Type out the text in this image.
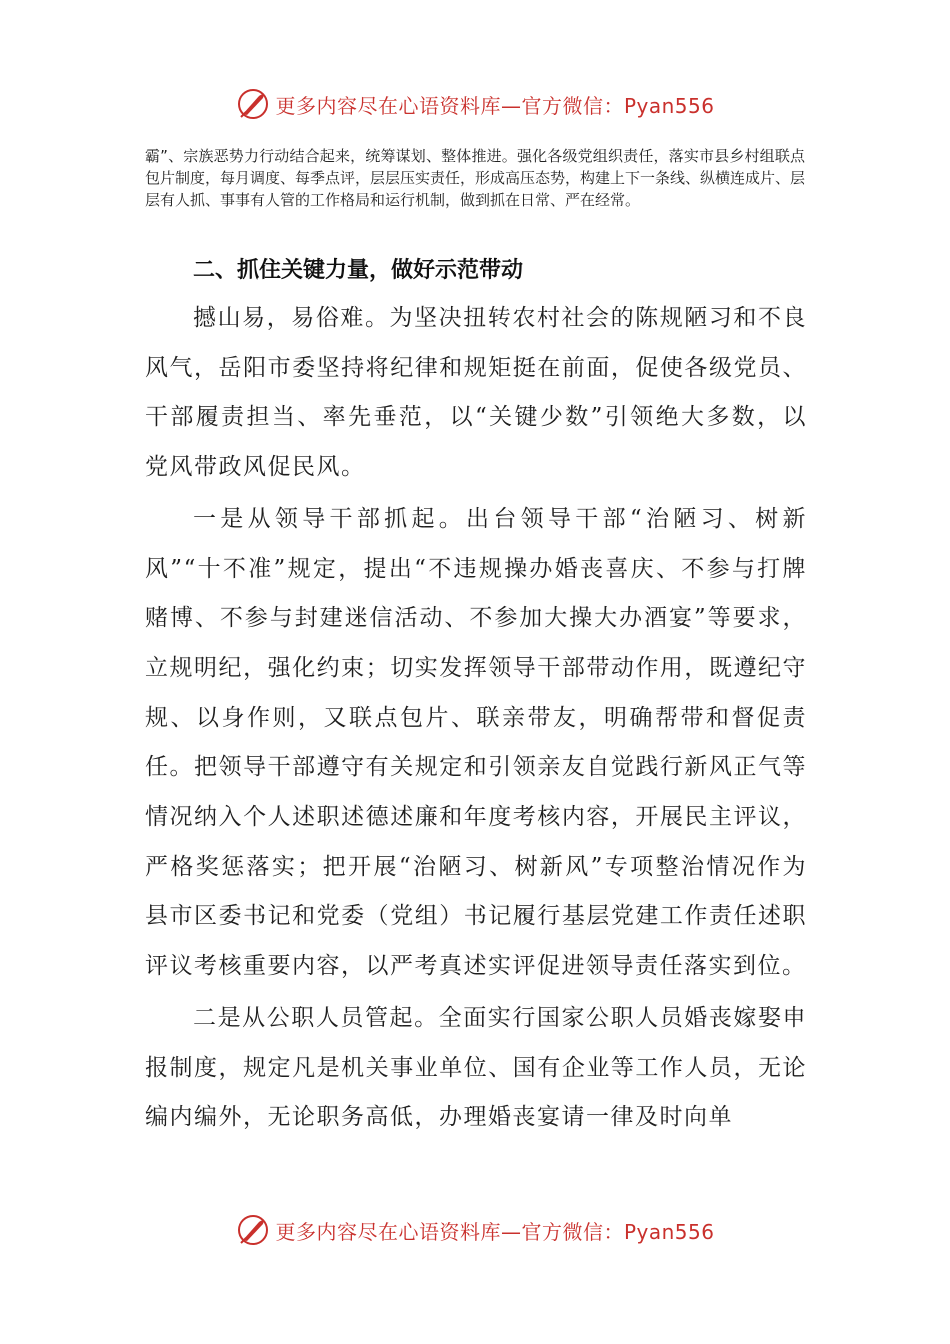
更多内容尽在心语资料库—官方微信：Pyan556

霸”、宗族恶势力行动结合起来，统筹谋划、整体推进。强化各级党组织责任，落实市县乡村组联点包片制度，每月调度、每季点评，层层压实责任，形成高压态势，构建上下一条线、纵横连成片、层层有人抓、事事有人管的工作格局和运行机制，做到抓在日常、严在经常。

二、抓住关键力量，做好示范带动

撼山易，易俗难。为坚决扭转农村社会的陈规陋习和不良风气，岳阳市委坚持将纪律和规矩挺在前面，促使各级党员、干部履责担当、率先垂范，以“关键少数”引领绝大多数，以党风带政风促民风。

一是从领导干部抓起。出台领导干部“治陋习、树新风”“十不准”规定，提出“不违规操办婚丧喜庆、不参与打牌赌博、不参与封建迷信活动、不参加大操大办酒宴”等要求，立规明纪，强化约束；切实发挥领导干部带动作用，既遵纪守规、以身作则，又联点包片、联亲带友，明确帮带和督促责任。把领导干部遵守有关规定和引领亲友自觉践行新风正气等情况纳入个人述职述德述廉和年度考核内容，开展民主评议，严格奖惩落实；把开展“治陋习、树新风”专项整治情况作为县市区委书记和党委（党组）书记履行基层党建工作责任述职评议考核重要内容，以严考真述实评促进领导责任落实到位。

二是从公职人员管起。全面实行国家公职人员婚丧嫁娶申报制度，规定凡是机关事业单位、国有企业等工作人员，无论编内编外，无论职务高低，办理婚丧宴请一律及时向单

更多内容尽在心语资料库—官方微信：Pyan556
